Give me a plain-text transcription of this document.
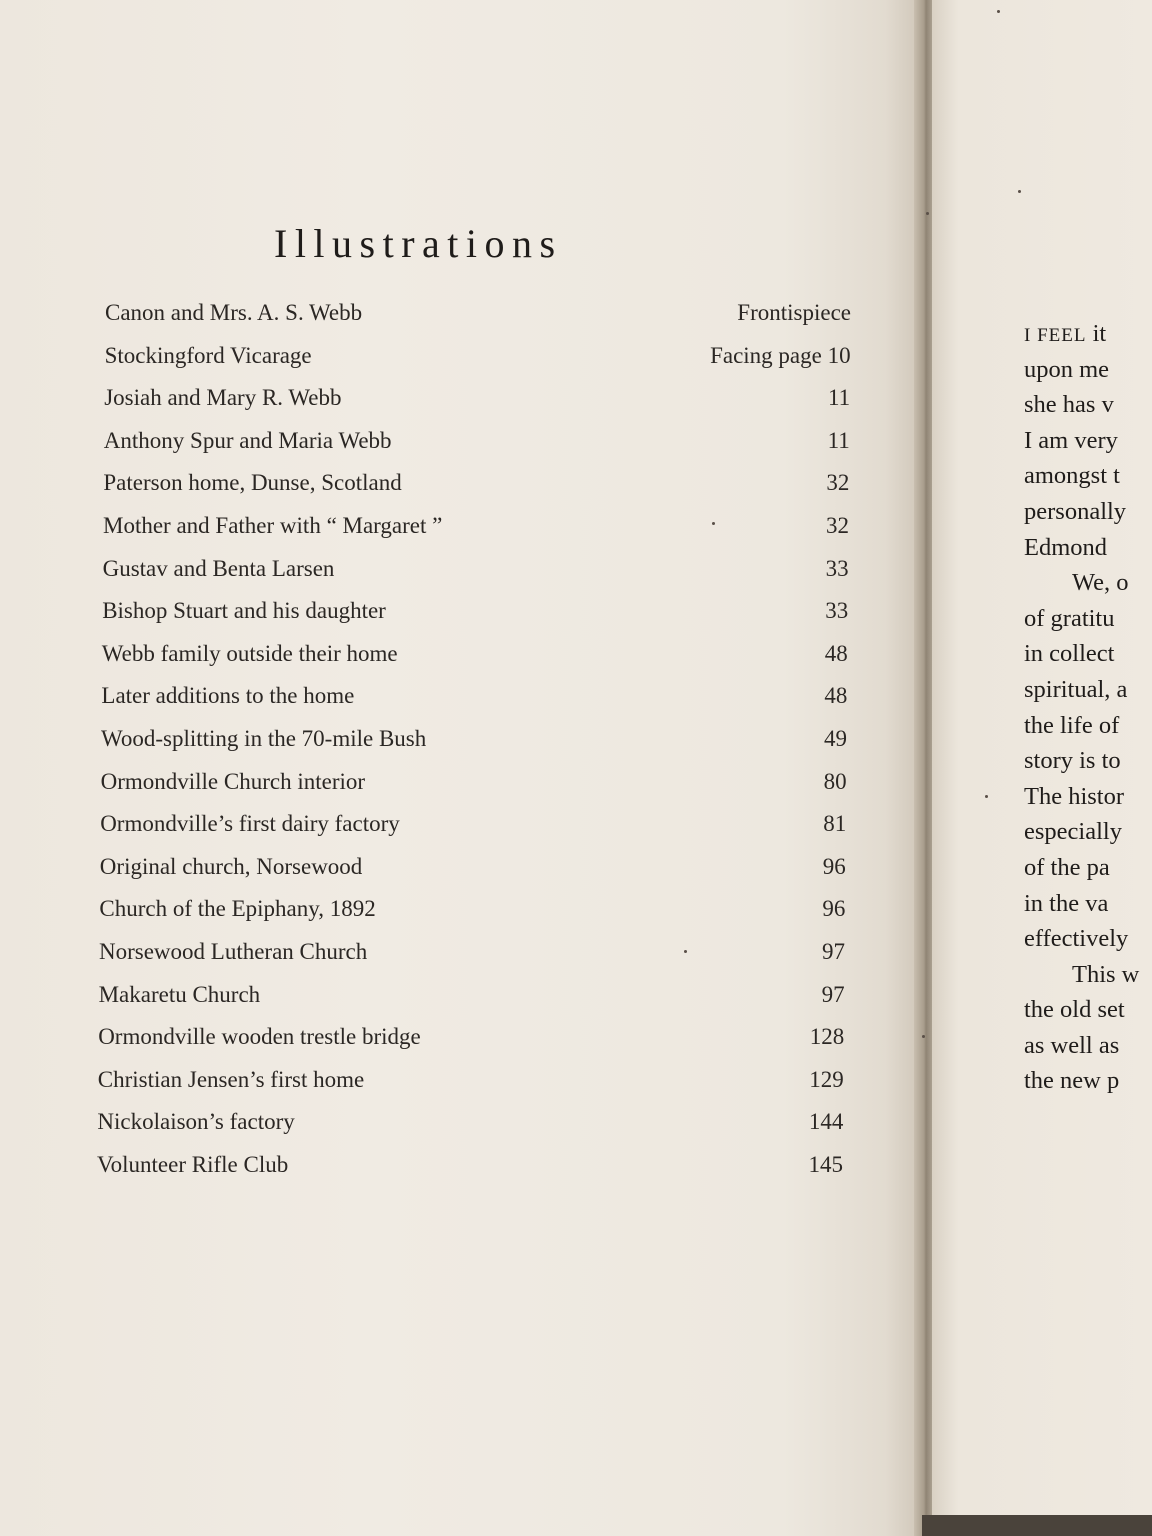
Illustrations
Canon and Mrs. A. S. Webb	Frontispiece
Stockingford Vicarage	Facing page 10
Josiah and Mary R. Webb	11
Anthony Spur and Maria Webb	11
Paterson home, Dunse, Scotland	32
Mother and Father with “ Margaret ”	32
Gustav and Benta Larsen	33
Bishop Stuart and his daughter	33
Webb family outside their home	48
Later additions to the home	48
Wood-splitting in the 70-mile Bush	49
Ormondville Church interior	80
Ormondville’s first dairy factory	81
Original church, Norsewood	96
Church of the Epiphany, 1892	96
Norsewood Lutheran Church	97
Makaretu Church	97
Ormondville wooden trestle bridge	128
Christian Jensen’s first home	129
Nickolaison’s factory	144
Volunteer Rifle Club	145
I FEEL it
upon me
she has v
I am very
amongst t
personally
Edmond
We, o
of gratitu
in collect
spiritual, a
the life of
story is to
The histor
especially
of the pa
in the va
effectively
This w
the old set
as well as
the new p
